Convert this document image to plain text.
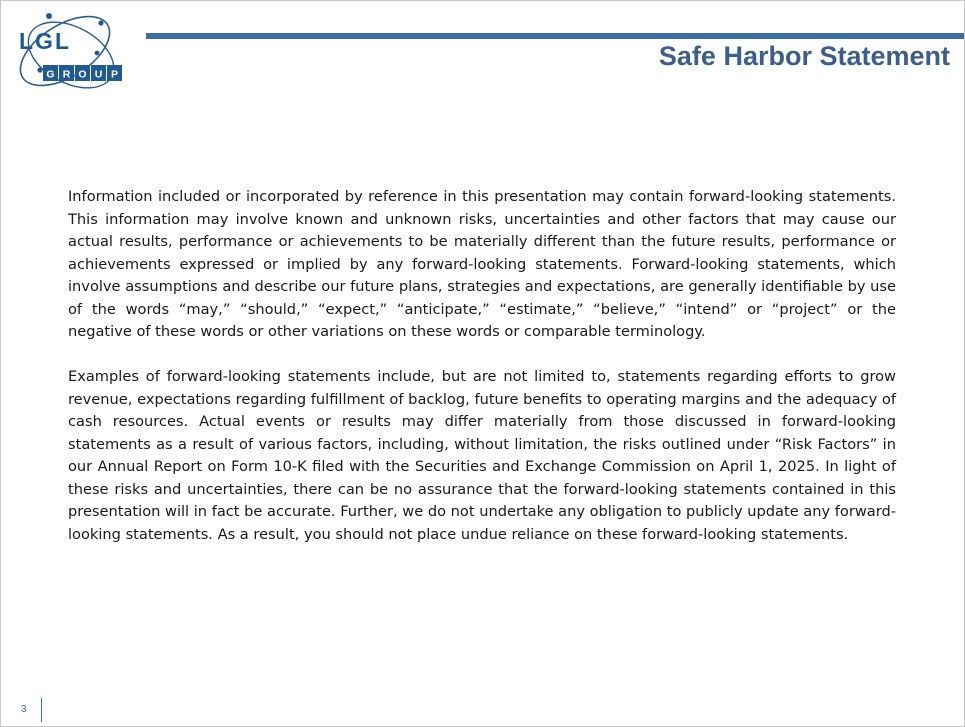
LGL
G R O U P
Safe Harbor Statement

Information included or incorporated by reference in this presentation may contain forward-looking statements. This information may involve known and unknown risks, uncertainties and other factors that may cause our actual results, performance or achievements to be materially different than the future results, performance or achievements expressed or implied by any forward-looking statements. Forward-looking statements, which involve assumptions and describe our future plans, strategies and expectations, are generally identifiable by use of the words “may,” “should,” “expect,” “anticipate,” “estimate,” “believe,” “intend” or “project” or the negative of these words or other variations on these words or comparable terminology.

Examples of forward-looking statements include, but are not limited to, statements regarding efforts to grow revenue, expectations regarding fulfillment of backlog, future benefits to operating margins and the adequacy of cash resources. Actual events or results may differ materially from those discussed in forward-looking statements as a result of various factors, including, without limitation, the risks outlined under “Risk Factors” in our Annual Report on Form 10-K filed with the Securities and Exchange Commission on April 1, 2025. In light of these risks and uncertainties, there can be no assurance that the forward-looking statements contained in this presentation will in fact be accurate. Further, we do not undertake any obligation to publicly update any forward-looking statements. As a result, you should not place undue reliance on these forward-looking statements.

3
